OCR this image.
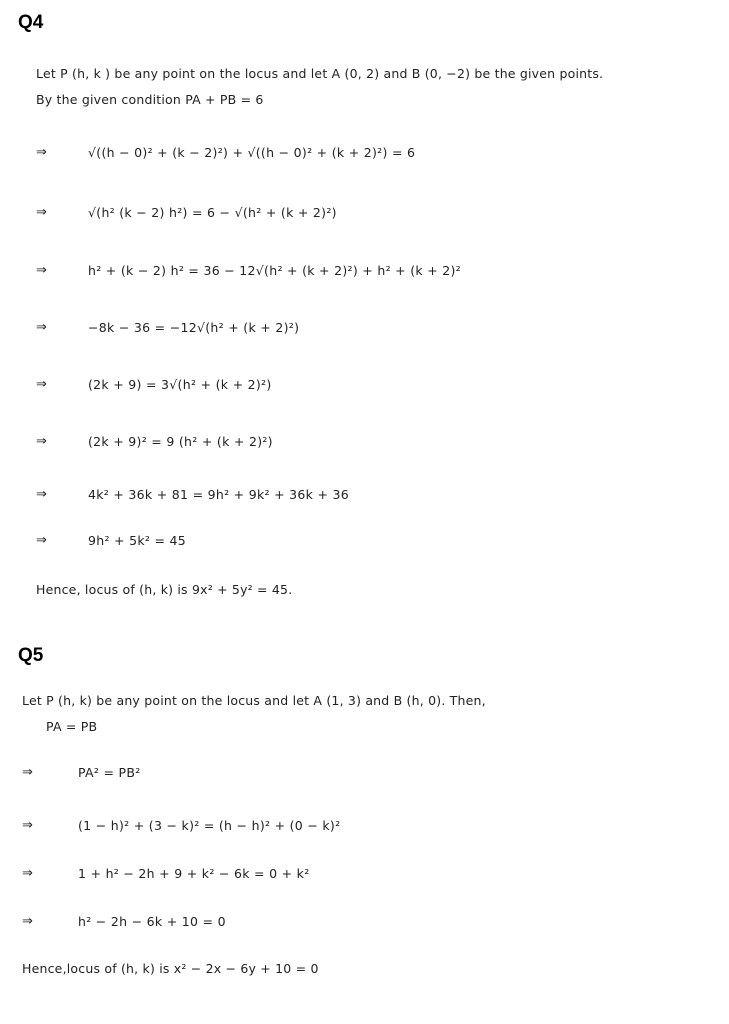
Q4
Let P (h, k ) be any point on the locus and let A (0, 2) and B (0, −2) be the given points.
By the given condition PA + PB = 6
⇒	√((h − 0)² + (k − 2)²) + √((h − 0)² + (k + 2)²) = 6
⇒	√(h² (k − 2) h²) = 6 − √(h² + (k + 2)²)
⇒	h² + (k − 2) h² = 36 − 12√(h² + (k + 2)²) + h² + (k + 2)²
⇒	−8k − 36 = −12√(h² + (k + 2)²)
⇒	(2k + 9) = 3√(h² + (k + 2)²)
⇒	(2k + 9)² = 9 (h² + (k + 2)²)
⇒	4k² + 36k + 81 = 9h² + 9k² + 36k + 36
⇒	9h² + 5k² = 45
Hence, locus of (h, k) is 9x² + 5y² = 45.
Q5
Let P (h, k) be any point on the locus and let A (1, 3) and B (h, 0). Then,
PA = PB
⇒	PA² = PB²
⇒	(1 − h)² + (3 − k)² = (h − h)² + (0 − k)²
⇒	1 + h² − 2h + 9 + k² − 6k = 0 + k²
⇒	h² − 2h − 6k + 10 = 0
Hence,locus of (h, k) is x² − 2x − 6y + 10 = 0
